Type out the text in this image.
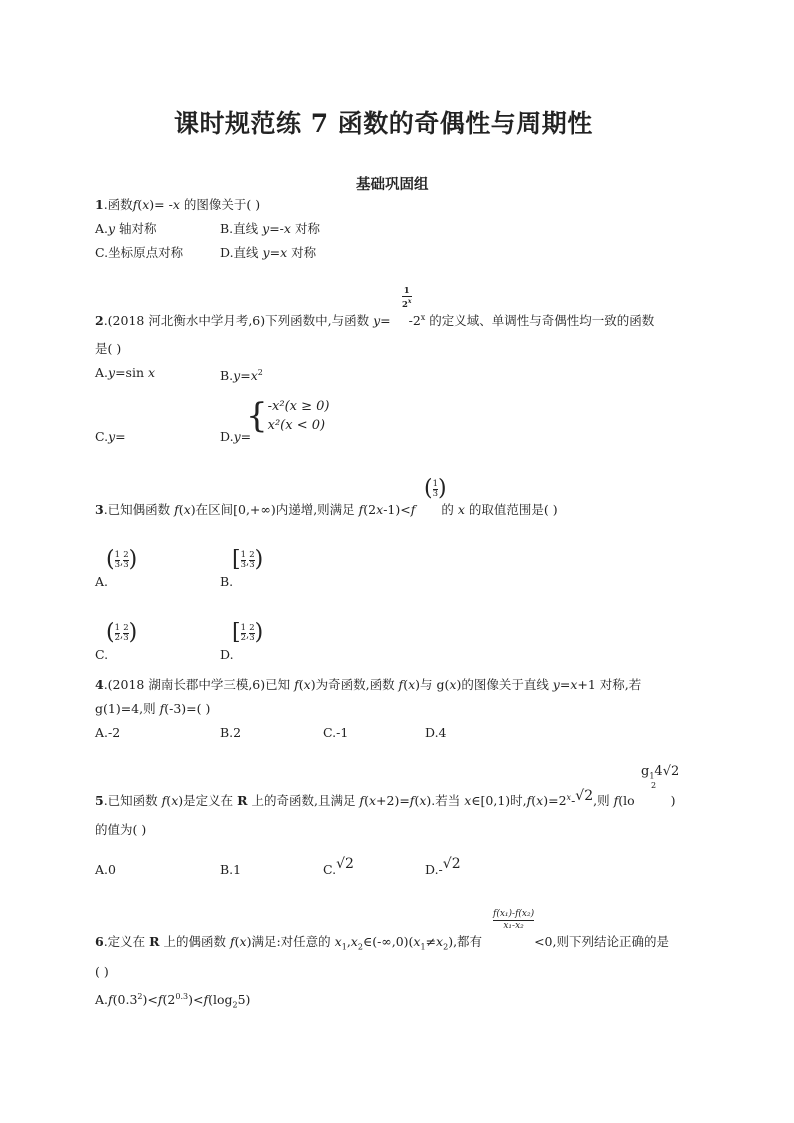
课时规范练 7 函数的奇偶性与周期性
基础巩固组
1.函数f(x)= -x 的图像关于( )
A.y 轴对称	B.直线 y=-x 对称
C.坐标原点对称	D.直线 y=x 对称
$\frac{1}{2^x}$
2.(2018 河北衡水中学月考,6)下列函数中,与函数 $y= -2^x$ 的定义域、单调性与奇偶性均一致的函数
是( )
A.y=sin x	$B.y=x^2$
C.y=	D.y=
{ -x²(x ≥ 0)
x²(x < 0)
( $\frac{1}{3}$ )
3.已知偶函数 f(x)在区间[0,+∞)内递增,则满足 f(2x-1)<f 的 x 的取值范围是( )
( $\frac{1}{3}$ , $\frac{2}{3}$ )
A.
[ $\frac{1}{3}$ , $\frac{2}{3}$ )
B.
( $\frac{1}{2}$ , $\frac{2}{3}$ )
C.
[ $\frac{1}{2}$ , $\frac{2}{3}$ )
D.
4.(2018 湖南长郡中学三模,6)已知 f(x)为奇函数,函数 f(x)与 g(x)的图像关于直线 y=x+1 对称,若
g(1)=4,则 f(-3)=( )
A.-2	B.2	C.-1	D.4
$g_14√2$
2
5.已知函数 f(x)是定义在 R 上的奇函数,且满足 f(x+2)=f(x).若当 x∈[0,1)时$,f(x)=2^x-√2$,则 f(lo	)
的值为( )
A.0	B.1	C.√2	D.-√2
$\frac{\text{f(x₁)-f(x₂)}}{\text{x₁-x₂}}$
6.定义在 R 上的偶函数 f(x)满足:对任意的 $x_1,x_2\in(-\infty,0)(x_1\ne x_2)$,都有	<0,则下列结论正确的是
( )
$A.f(0.3^2)<f(2^{0.3})<f(\log_25)$
